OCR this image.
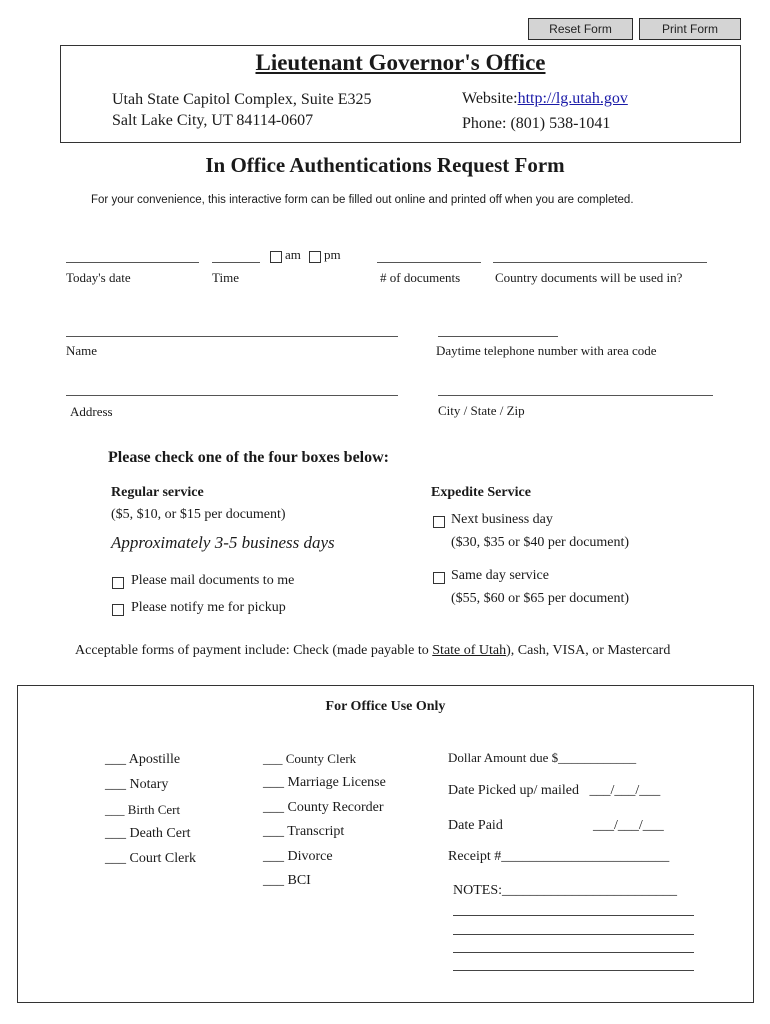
Reset Form	Print Form
Lieutenant Governor's Office
Utah State Capitol Complex, Suite E325
Salt Lake City, UT 84114-0607
Website:http://lg.utah.gov
Phone: (801) 538-1041
In Office Authentications Request Form
For your convenience, this interactive form can be filled out online and printed off when you are completed.
Today's date	Time
am pm
# of documents	Country documents will be used in?
Name	Daytime telephone number with area code
Address	City / State / Zip
Please check one of the four boxes below:
Regular service
($5, $10, or $15 per document)
Approximately 3-5 business days
Please mail documents to me
Please notify me for pickup
Expedite Service
Next business day
($30, $35 or $40 per document)
Same day service
($55, $60 or $65 per document)
Acceptable forms of payment include: Check (made payable to State of Utah), Cash, VISA, or Mastercard
For Office Use Only
___ Apostille
___ Notary
___ Birth Cert
___ Death Cert
___ Court Clerk
___ County Clerk
___ Marriage License
___ County Recorder
___ Transcript
___ Divorce
___ BCI
Dollar Amount due $____________
Date Picked up/ mailed   ___/___/___
Date Paid	___/___/___
Receipt #________________________
NOTES:_________________________
